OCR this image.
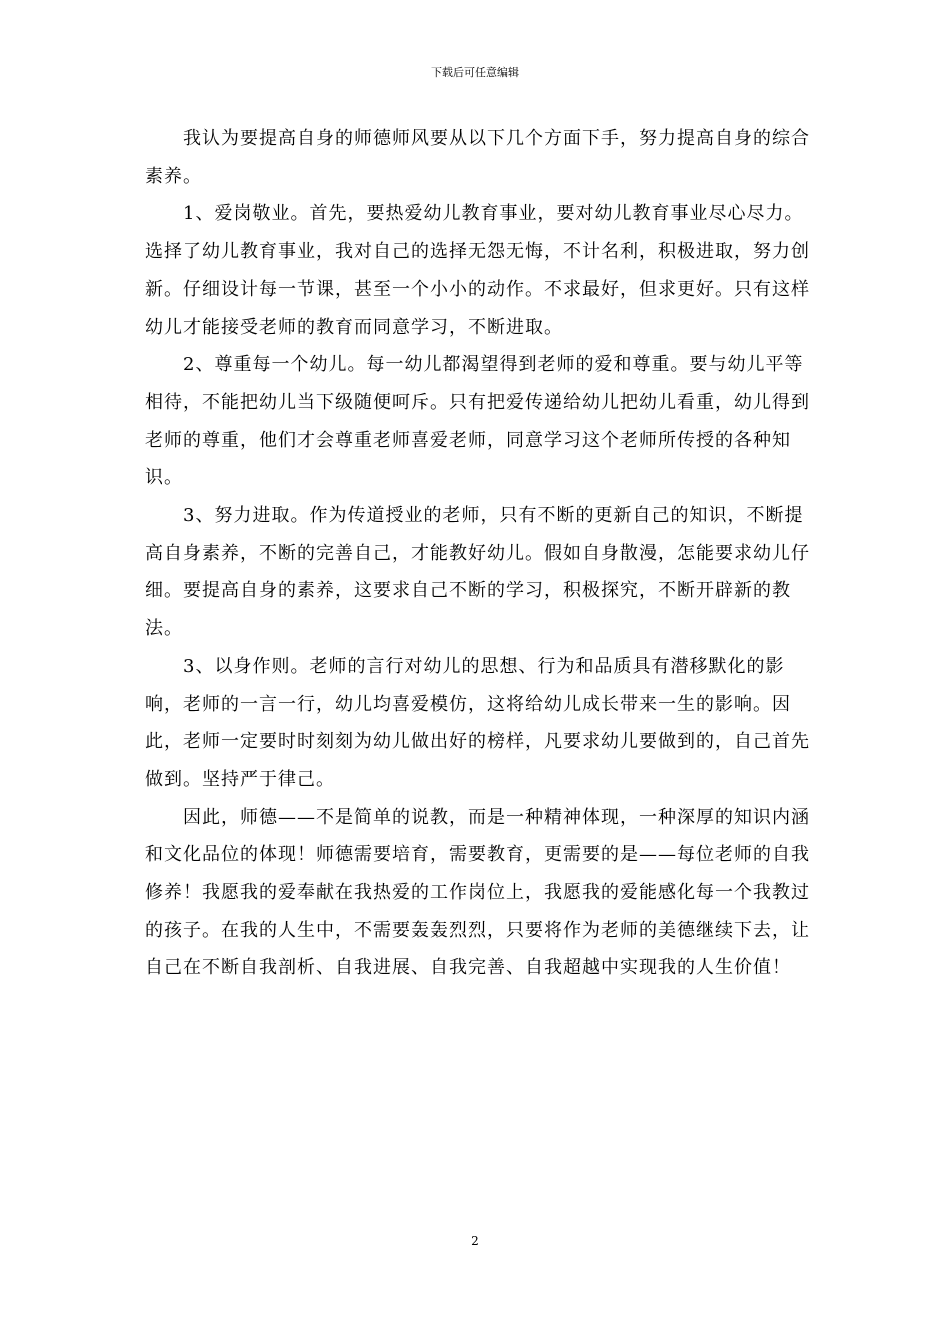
下载后可任意编辑

我认为要提高自身的师德师风要从以下几个方面下手，努力提高自身的综合素养。

1、爱岗敬业。首先，要热爱幼儿教育事业，要对幼儿教育事业尽心尽力。选择了幼儿教育事业，我对自己的选择无怨无悔，不计名利，积极进取，努力创新。仔细设计每一节课，甚至一个小小的动作。不求最好，但求更好。只有这样幼儿才能接受老师的教育而同意学习，不断进取。

2、尊重每一个幼儿。每一幼儿都渴望得到老师的爱和尊重。要与幼儿平等相待，不能把幼儿当下级随便呵斥。只有把爱传递给幼儿把幼儿看重，幼儿得到老师的尊重，他们才会尊重老师喜爱老师，同意学习这个老师所传授的各种知识。

3、努力进取。作为传道授业的老师，只有不断的更新自己的知识，不断提高自身素养，不断的完善自己，才能教好幼儿。假如自身散漫，怎能要求幼儿仔细。要提高自身的素养，这要求自己不断的学习，积极探究，不断开辟新的教法。

3、以身作则。老师的言行对幼儿的思想、行为和品质具有潜移默化的影响，老师的一言一行，幼儿均喜爱模仿，这将给幼儿成长带来一生的影响。因此，老师一定要时时刻刻为幼儿做出好的榜样，凡要求幼儿要做到的，自己首先做到。坚持严于律己。

因此，师德——不是简单的说教，而是一种精神体现，一种深厚的知识内涵和文化品位的体现！师德需要培育，需要教育，更需要的是——每位老师的自我修养！我愿我的爱奉献在我热爱的工作岗位上，我愿我的爱能感化每一个我教过的孩子。在我的人生中，不需要轰轰烈烈，只要将作为老师的美德继续下去，让自己在不断自我剖析、自我进展、自我完善、自我超越中实现我的人生价值！

2
